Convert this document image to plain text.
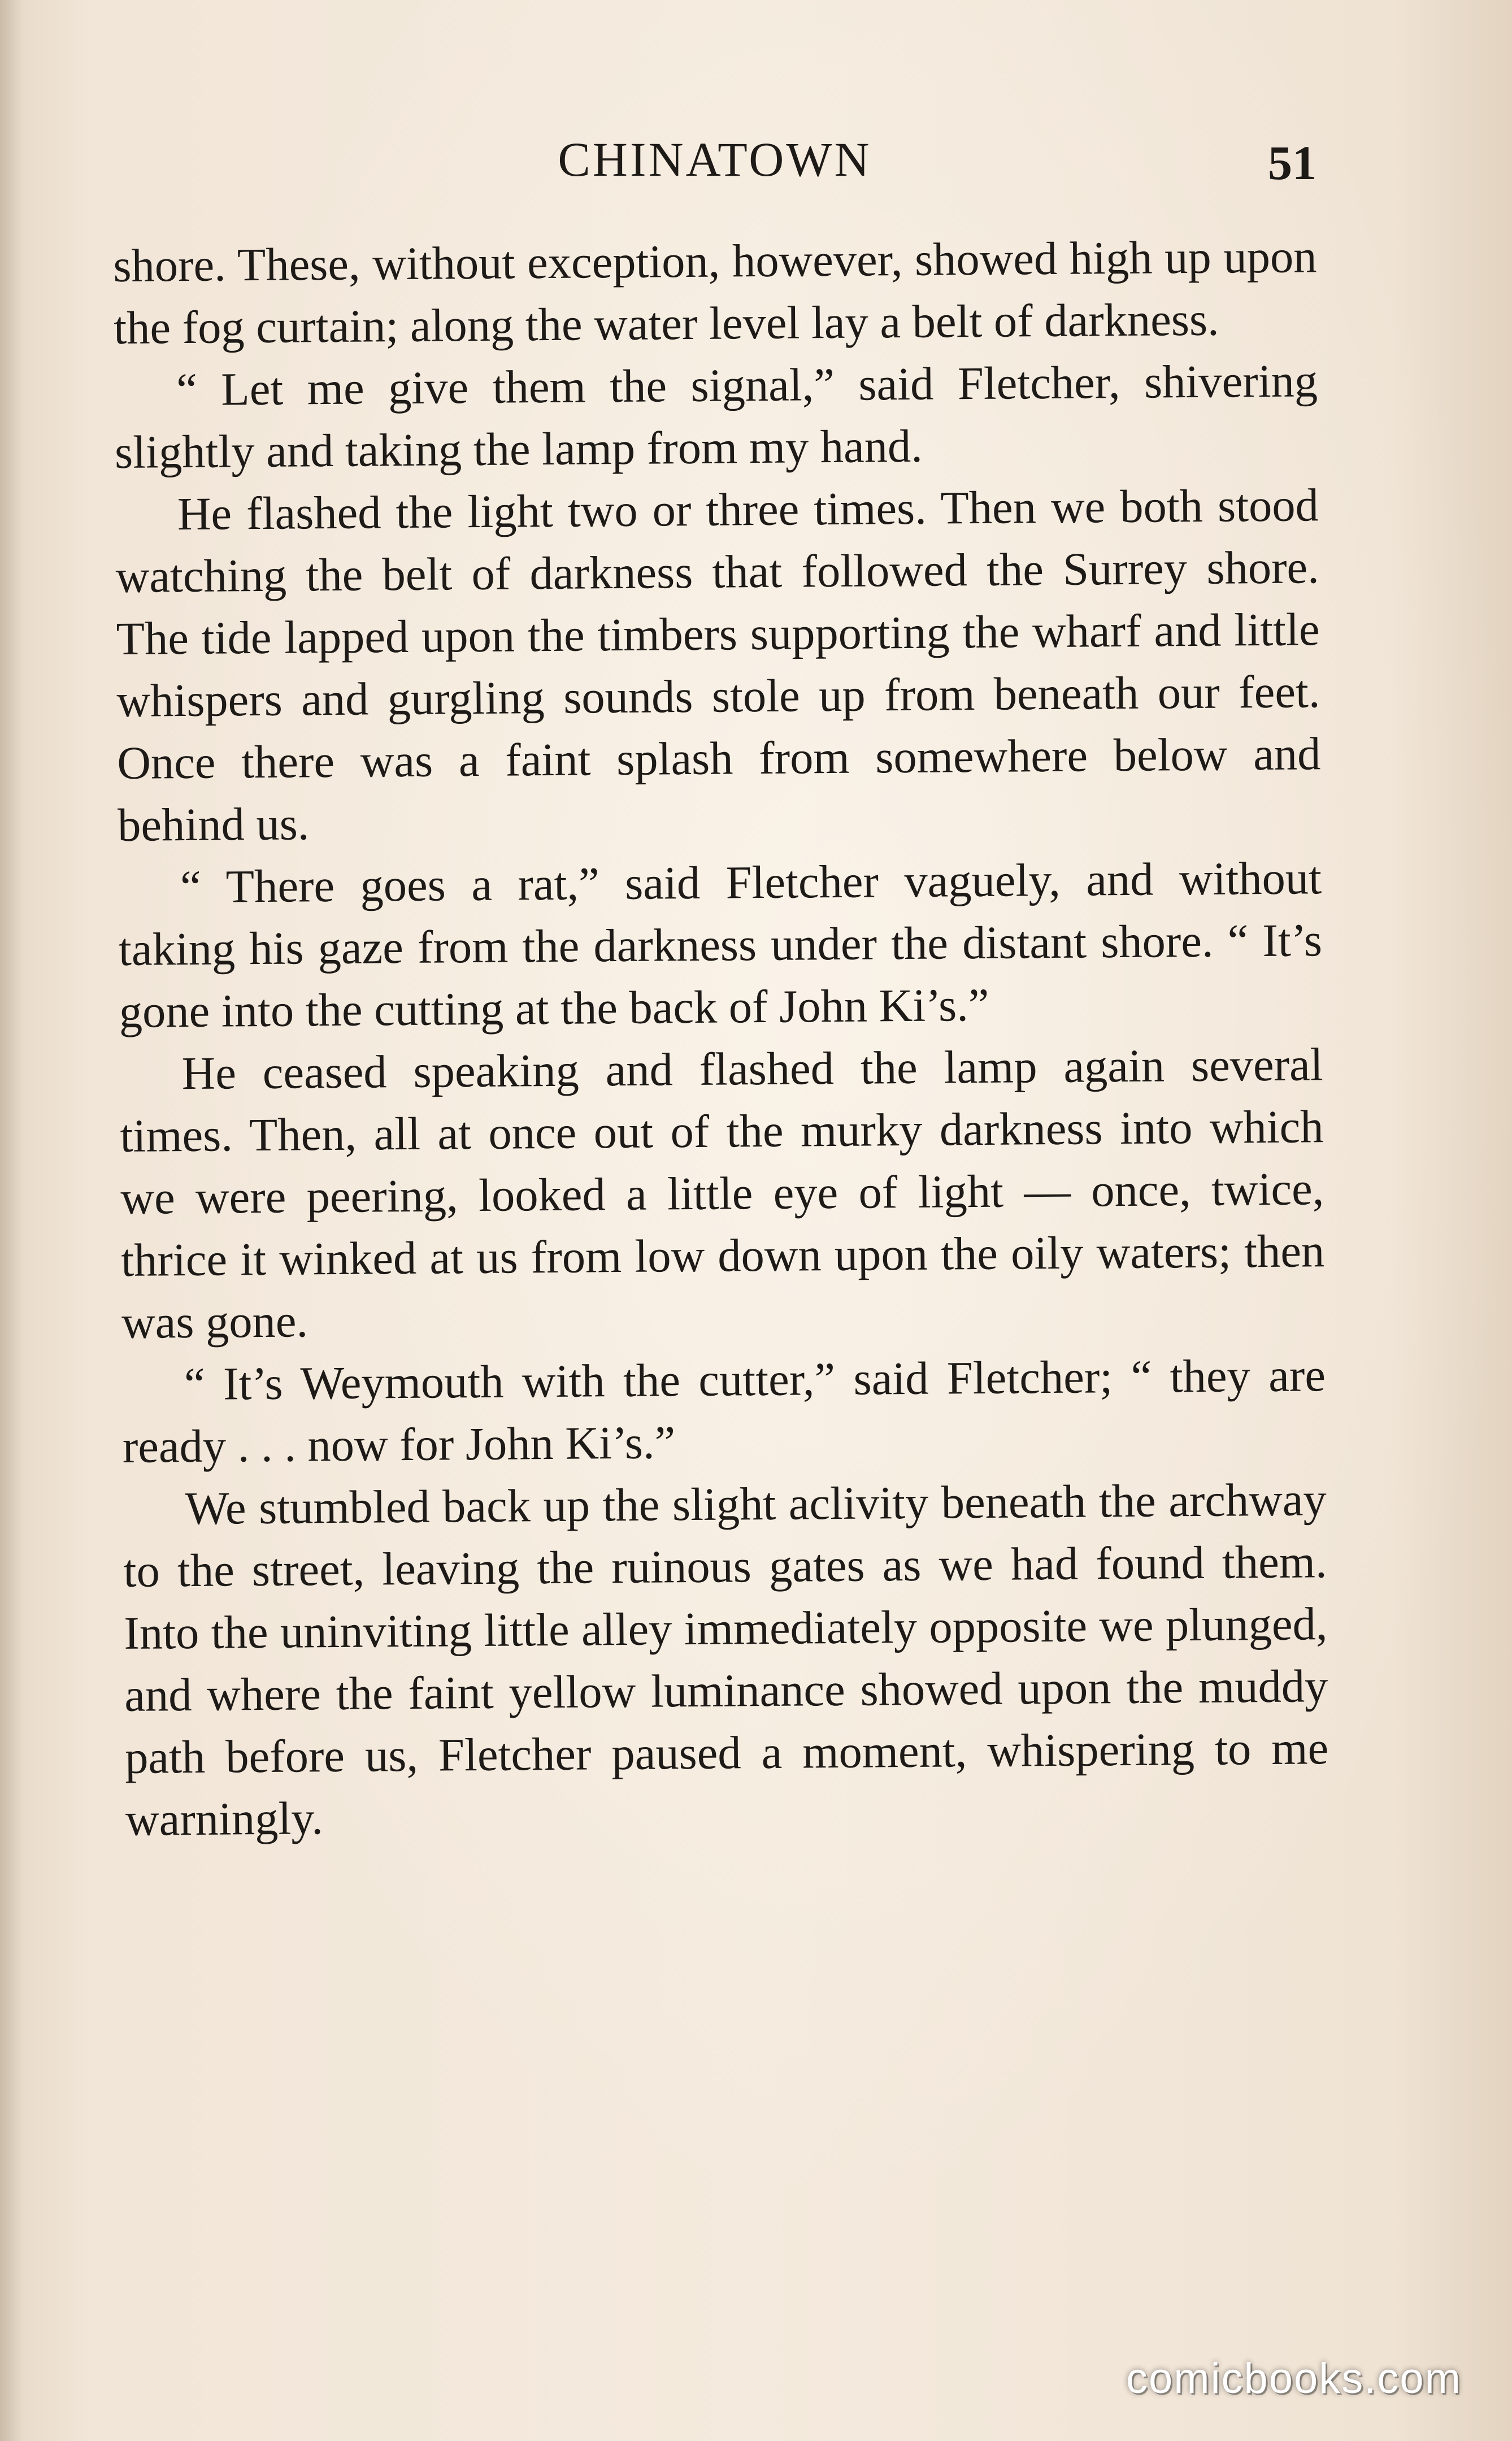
CHINATOWN	51

shore. These, without exception, however, showed high up upon the fog curtain; along the water level lay a belt of darkness.

“ Let me give them the signal,” said Fletcher, shivering slightly and taking the lamp from my hand.

He flashed the light two or three times. Then we both stood watching the belt of darkness that followed the Surrey shore. The tide lapped upon the timbers supporting the wharf and little whispers and gurgling sounds stole up from beneath our feet. Once there was a faint splash from somewhere below and behind us.

“ There goes a rat,” said Fletcher vaguely, and without taking his gaze from the darkness under the distant shore. “ It’s gone into the cutting at the back of John Ki’s.”

He ceased speaking and flashed the lamp again several times. Then, all at once out of the murky darkness into which we were peering, looked a little eye of light — once, twice, thrice it winked at us from low down upon the oily waters; then was gone.

“ It’s Weymouth with the cutter,” said Fletcher; “ they are ready . . . now for John Ki’s.”

We stumbled back up the slight aclivity beneath the archway to the street, leaving the ruinous gates as we had found them. Into the uninviting little alley immediately opposite we plunged, and where the faint yellow luminance showed upon the muddy path before us, Fletcher paused a moment, whispering to me warningly.

comicbooks.com
